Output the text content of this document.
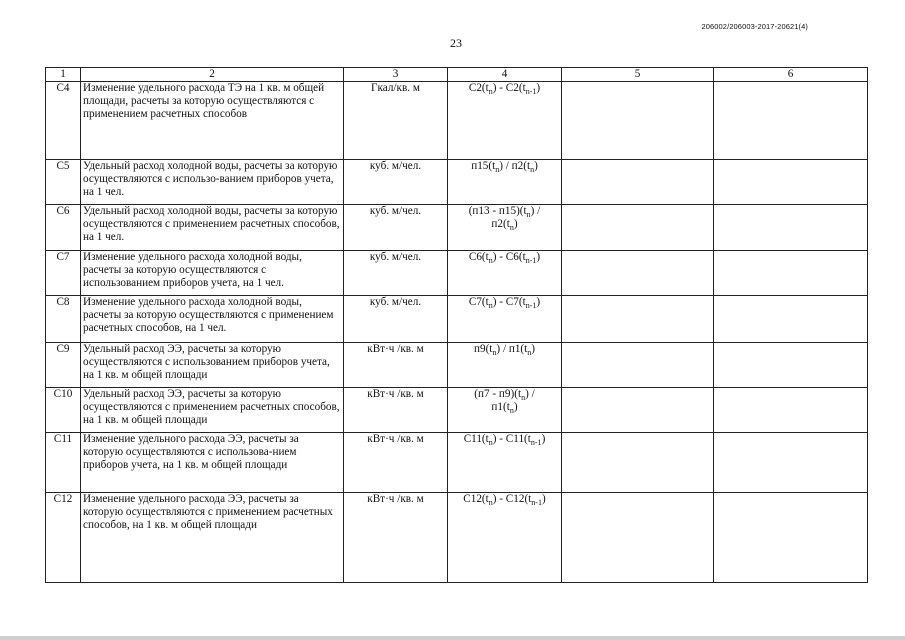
206002/206003-2017-20621(4)
23
1	2	3	4	5	6
С4	Изменение удельного расхода ТЭ на 1 кв. м общей площади, расчеты за которую осуществляются с применением расчетных способов	Гкал/кв. м	$С2(t_n) - С2(t_{n-1})$		
С5	Удельный расход холодной воды, расчеты за которую осуществляются с использо-ванием приборов учета, на 1 чел.	куб. м/чел.	$п15(t_n) / п2(t_n)$		
С6	Удельный расход холодной воды, расчеты за которую осуществляются с применением расчетных способов, на 1 чел.	куб. м/чел.	$(п13 - п15)(t_n)$ /
$п2(t_n)$		
С7	Изменение удельного расхода холодной воды, расчеты за которую осуществляются с использованием приборов учета, на 1 чел.	куб. м/чел.	$С6(t_n) - С6(t_{n-1})$		
С8	Изменение удельного расхода холодной воды, расчеты за которую осуществляются с применением расчетных способов, на 1 чел.	куб. м/чел.	$С7(t_n) - С7(t_{n-1})$		
С9	Удельный расход ЭЭ, расчеты за которую осуществляются с использованием приборов учета, на 1 кв. м общей площади	кВт·ч /кв. м	$п9(t_n) / п1(t_n)$		
С10	Удельный расход ЭЭ, расчеты за которую осуществляются с применением расчетных способов, на 1 кв. м общей площади	кВт·ч /кв. м	$(п7 - п9)(t_n)$ /
$п1(t_n)$		
С11	Изменение удельного расхода ЭЭ, расчеты за которую осуществляются с использова-нием приборов учета, на 1 кв. м общей площади	кВт·ч /кв. м	$С11(t_n) - С11(t_{n-1})$		
С12	Изменение удельного расхода ЭЭ, расчеты за которую осуществляются с применением расчетных способов, на 1 кв. м общей площади	кВт·ч /кв. м	$С12(t_n) - С12(t_{n-1})$		
